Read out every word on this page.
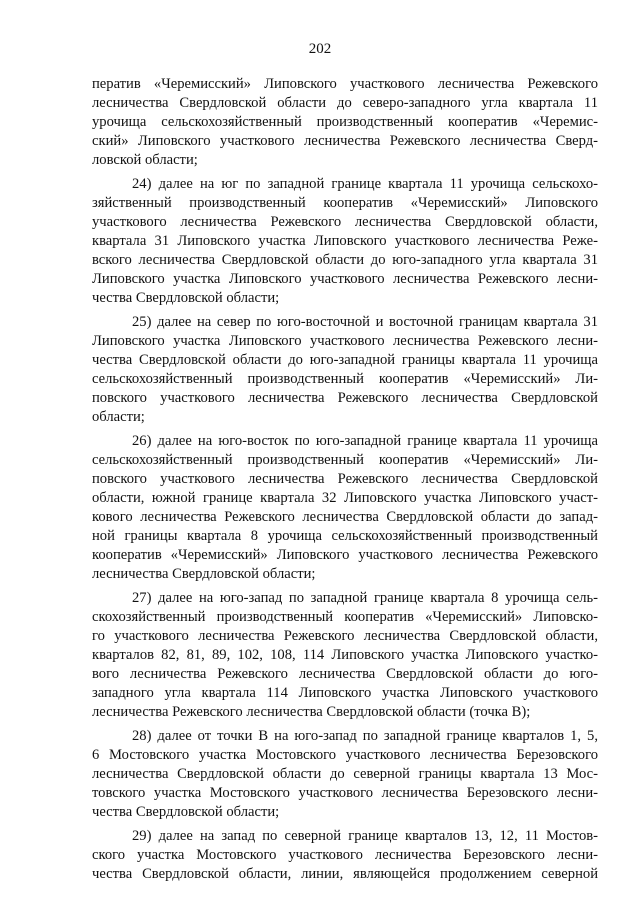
202
ператив «Черемисский» Липовского участкового лесничества Режевского
лесничества Свердловской области до северо-западного угла квартала 11
урочища сельскохозяйственный производственный кооператив «Черемис-
ский» Липовского участкового лесничества Режевского лесничества Сверд-
ловской области;
24) далее на юг по западной границе квартала 11 урочища сельскохо-
зяйственный производственный кооператив «Черемисский» Липовского
участкового лесничества Режевского лесничества Свердловской области,
квартала 31 Липовского участка Липовского участкового лесничества Реже-
вского лесничества Свердловской области до юго-западного угла квартала 31
Липовского участка Липовского участкового лесничества Режевского лесни-
чества Свердловской области;
25) далее на север по юго-восточной и восточной границам квартала 31
Липовского участка Липовского участкового лесничества Режевского лесни-
чества Свердловской области до юго-западной границы квартала 11 урочища
сельскохозяйственный производственный кооператив «Черемисский» Ли-
повского участкового лесничества Режевского лесничества Свердловской
области;
26) далее на юго-восток по юго-западной границе квартала 11 урочища
сельскохозяйственный производственный кооператив «Черемисский» Ли-
повского участкового лесничества Режевского лесничества Свердловской
области, южной границе квартала 32 Липовского участка Липовского участ-
кового лесничества Режевского лесничества Свердловской области до запад-
ной границы квартала 8 урочища сельскохозяйственный производственный
кооператив «Черемисский» Липовского участкового лесничества Режевского
лесничества Свердловской области;
27) далее на юго-запад по западной границе квартала 8 урочища сель-
скохозяйственный производственный кооператив «Черемисский» Липовско-
го участкового лесничества Режевского лесничества Свердловской области,
кварталов 82, 81, 89, 102, 108, 114 Липовского участка Липовского участко-
вого лесничества Режевского лесничества Свердловской области до юго-
западного угла квартала 114 Липовского участка Липовского участкового
лесничества Режевского лесничества Свердловской области (точка В);
28) далее от точки В на юго-запад по западной границе кварталов 1, 5,
6 Мостовского участка Мостовского участкового лесничества Березовского
лесничества Свердловской области до северной границы квартала 13 Мос-
товского участка Мостовского участкового лесничества Березовского лесни-
чества Свердловской области;
29) далее на запад по северной границе кварталов 13, 12, 11 Мостов-
ского участка Мостовского участкового лесничества Березовского лесни-
чества Свердловской области, линии, являющейся продолжением северной
